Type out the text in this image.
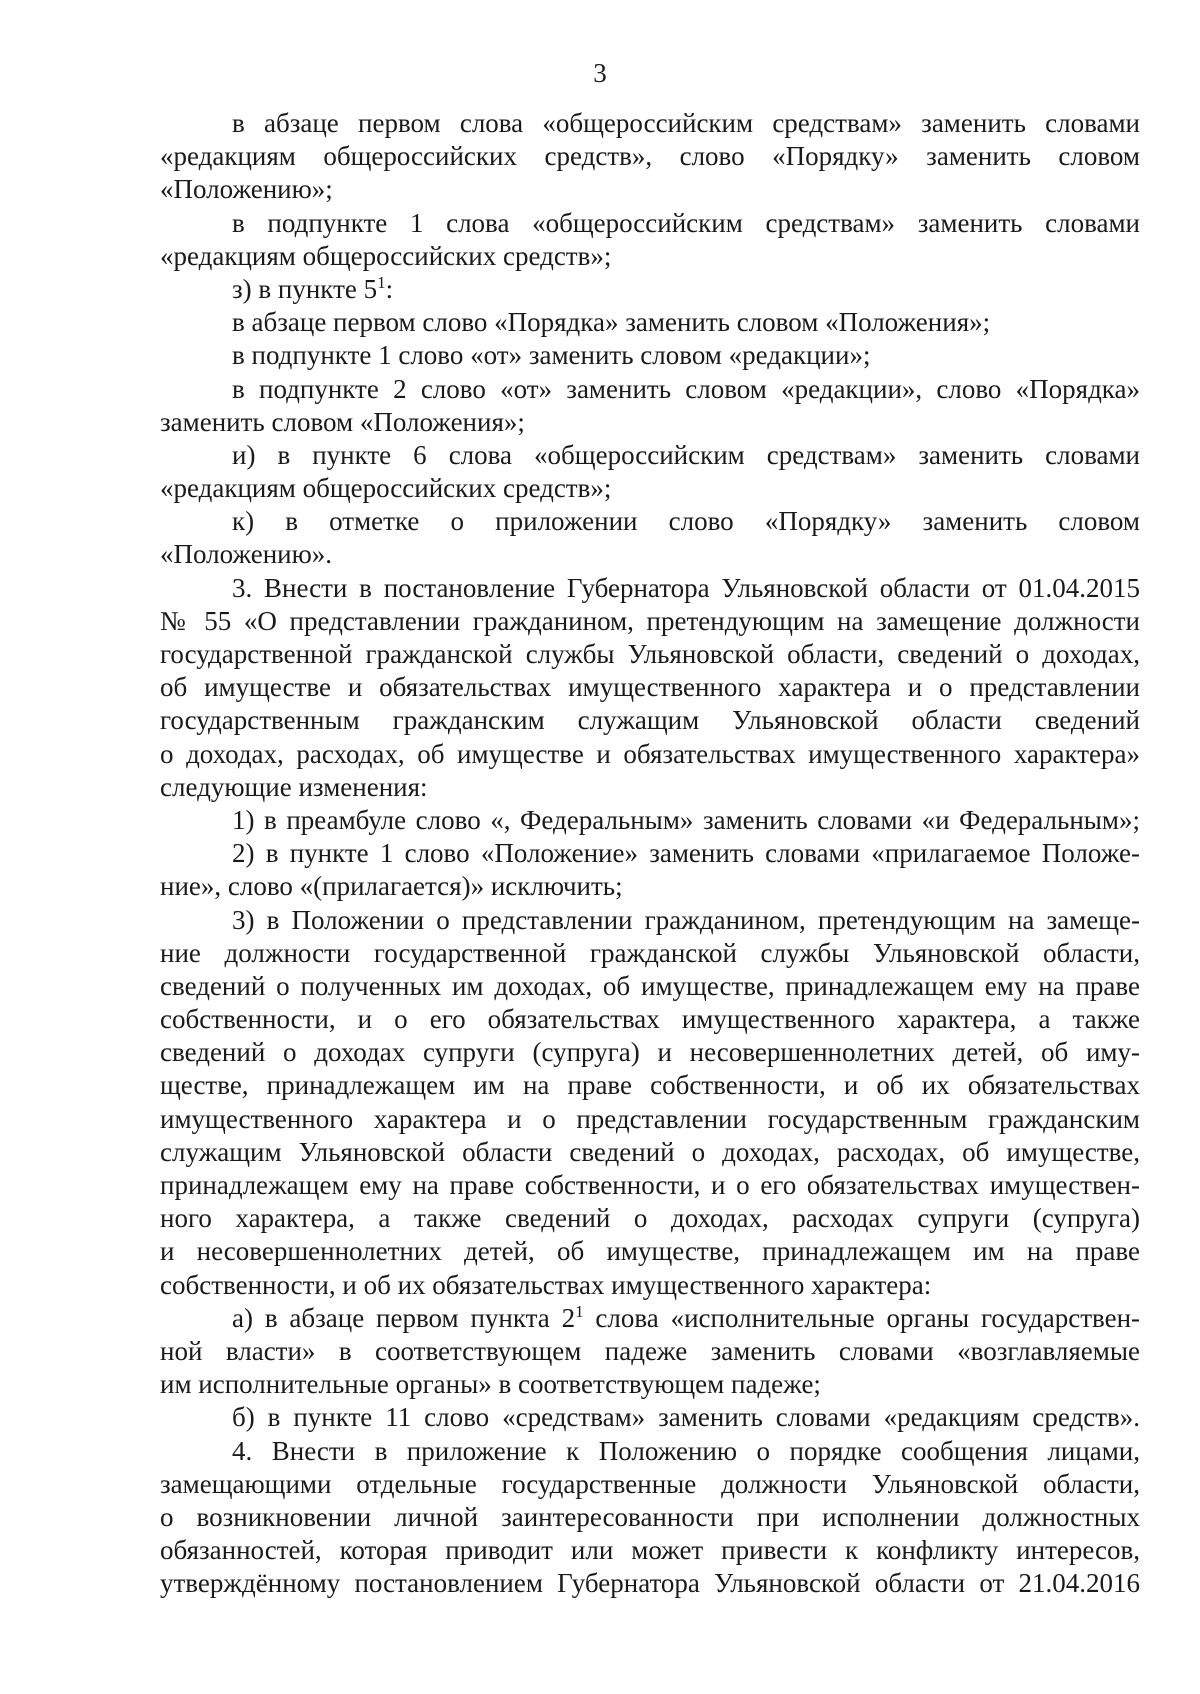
3
в абзаце первом слова «общероссийским средствам» заменить словами
«редакциям общероссийских средств», слово «Порядку» заменить словом
«Положению»;
в подпункте 1 слова «общероссийским средствам» заменить словами
«редакциям общероссийских средств»;
з) в пункте $5^1$:
в абзаце первом слово «Порядка» заменить словом «Положения»;
в подпункте 1 слово «от» заменить словом «редакции»;
в подпункте 2 слово «от» заменить словом «редакции», слово «Порядка»
заменить словом «Положения»;
и) в пункте 6 слова «общероссийским средствам» заменить словами
«редакциям общероссийских средств»;
к) в отметке о приложении слово «Порядку» заменить словом
«Положению».
3. Внести в постановление Губернатора Ульяновской области от 01.04.2015
№ 55 «О представлении гражданином, претендующим на замещение должности
государственной гражданской службы Ульяновской области, сведений о доходах,
об имуществе и обязательствах имущественного характера и о представлении
государственным гражданским служащим Ульяновской области сведений
о доходах, расходах, об имуществе и обязательствах имущественного характера»
следующие изменения:
1) в преамбуле слово «, Федеральным» заменить словами «и Федеральным»;
2) в пункте 1 слово «Положение» заменить словами «прилагаемое Положе-
ние», слово «(прилагается)» исключить;
3) в Положении о представлении гражданином, претендующим на замеще-
ние должности государственной гражданской службы Ульяновской области,
сведений о полученных им доходах, об имуществе, принадлежащем ему на праве
собственности, и о его обязательствах имущественного характера, а также
сведений о доходах супруги (супруга) и несовершеннолетних детей, об иму-
ществе, принадлежащем им на праве собственности, и об их обязательствах
имущественного характера и о представлении государственным гражданским
служащим Ульяновской области сведений о доходах, расходах, об имуществе,
принадлежащем ему на праве собственности, и о его обязательствах имуществен-
ного характера, а также сведений о доходах, расходах супруги (супруга)
и несовершеннолетних детей, об имуществе, принадлежащем им на праве
собственности, и об их обязательствах имущественного характера:
а) в абзаце первом пункта $2^1$ слова «исполнительные органы государствен-
ной власти» в соответствующем падеже заменить словами «возглавляемые
им исполнительные органы» в соответствующем падеже;
б) в пункте 11 слово «средствам» заменить словами «редакциям средств».
4. Внести в приложение к Положению о порядке сообщения лицами,
замещающими отдельные государственные должности Ульяновской области,
о возникновении личной заинтересованности при исполнении должностных
обязанностей, которая приводит или может привести к конфликту интересов,
утверждённому постановлением Губернатора Ульяновской области от 21.04.2016
